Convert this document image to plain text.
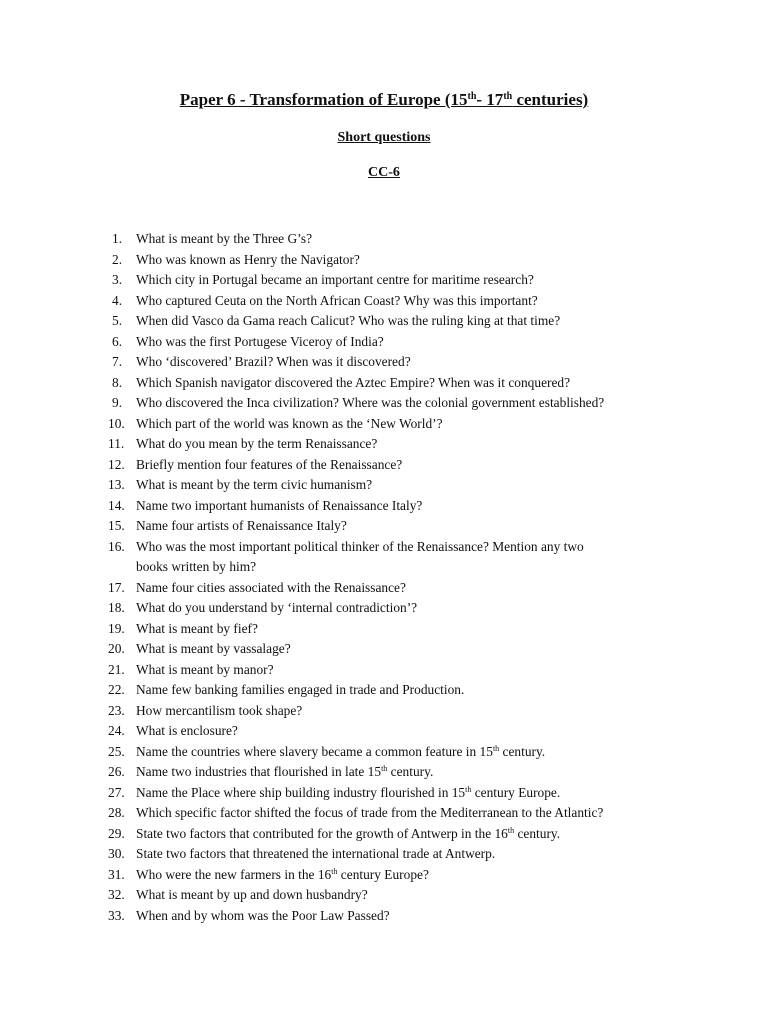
Paper 6 - Transformation of Europe (15th- 17th centuries)
Short questions
CC-6
1. What is meant by the Three G’s?
2. Who was known as Henry the Navigator?
3. Which city in Portugal became an important centre for maritime research?
4. Who captured Ceuta on the North African Coast? Why was this important?
5. When did Vasco da Gama reach Calicut? Who was the ruling king at that time?
6. Who was the first Portugese Viceroy of India?
7. Who ‘discovered’ Brazil? When was it discovered?
8. Which Spanish navigator discovered the Aztec Empire? When was it conquered?
9. Who discovered the Inca civilization? Where was the colonial government established?
10. Which part of the world was known as the ‘New World’?
11. What do you mean by the term Renaissance?
12. Briefly mention four features of the Renaissance?
13. What is meant by the term civic humanism?
14. Name two important humanists of Renaissance Italy?
15. Name four artists of Renaissance Italy?
16. Who was the most important political thinker of the Renaissance? Mention any two
books written by him?
17. Name four cities associated with the Renaissance?
18. What do you understand by ‘internal contradiction’?
19. What is meant by fief?
20. What is meant by vassalage?
21. What is meant by manor?
22. Name few banking families engaged in trade and Production.
23. How mercantilism took shape?
24. What is enclosure?
25. Name the countries where slavery became a common feature in 15th century.
26. Name two industries that flourished in late 15th century.
27. Name the Place where ship building industry flourished in 15th century Europe.
28. Which specific factor shifted the focus of trade from the Mediterranean to the Atlantic?
29. State two factors that contributed for the growth of Antwerp in the 16th century.
30. State two factors that threatened the international trade at Antwerp.
31. Who were the new farmers in the 16th century Europe?
32. What is meant by up and down husbandry?
33. When and by whom was the Poor Law Passed?
